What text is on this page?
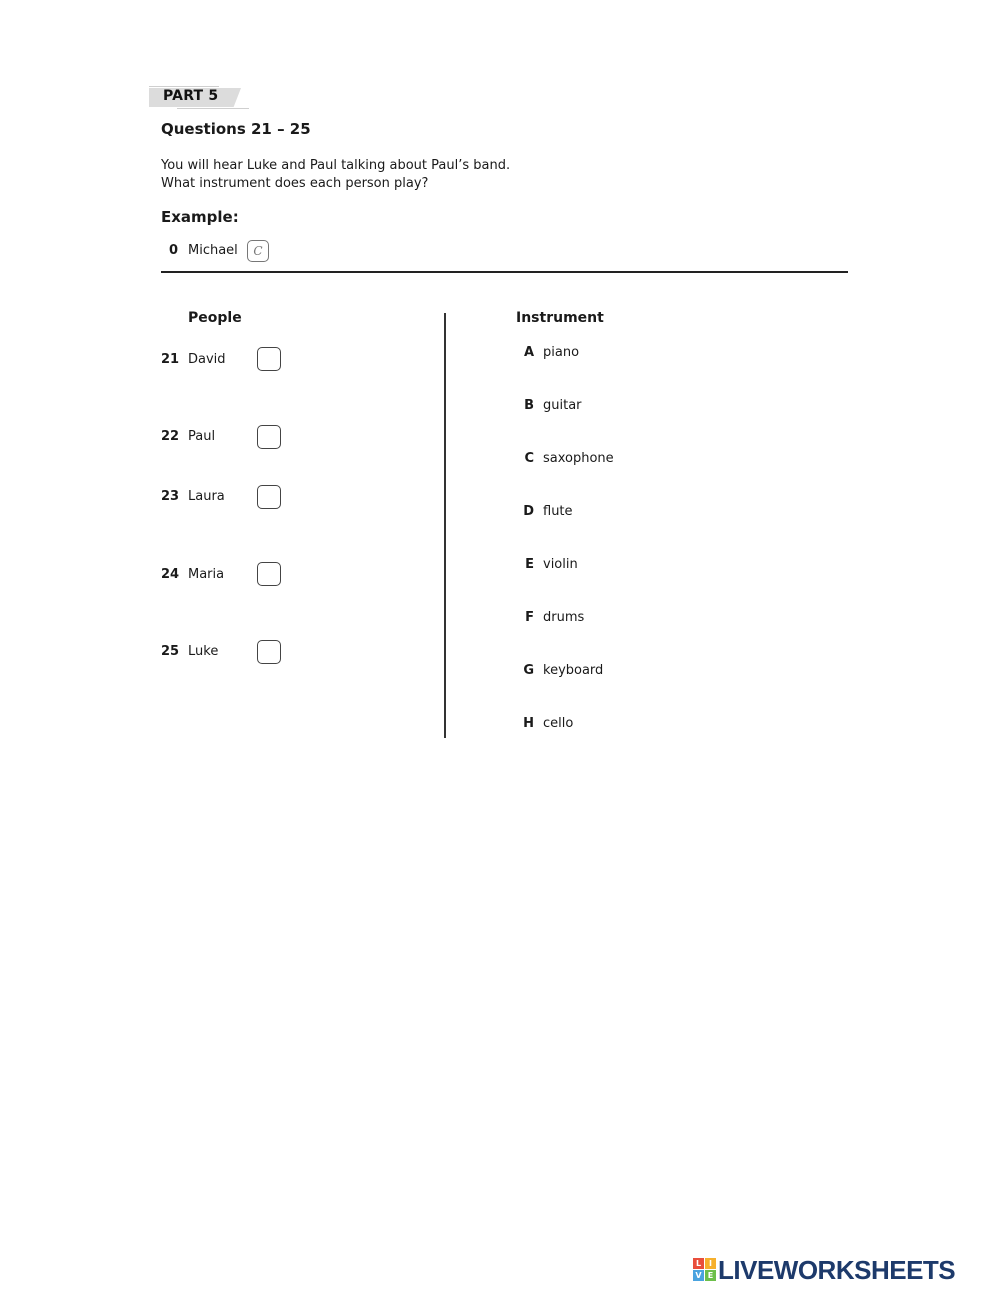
PART 5
Questions 21 – 25
You will hear Luke and Paul talking about Paul’s band.
What instrument does each person play?
Example:
0 Michael	C
People	Instrument
21 David
22 Paul
23 Laura
24 Maria
25 Luke
A piano
B guitar
C saxophone
D flute
E violin
F drums
G keyboard
H cello
L I
V E LIVEWORKSHEETS
